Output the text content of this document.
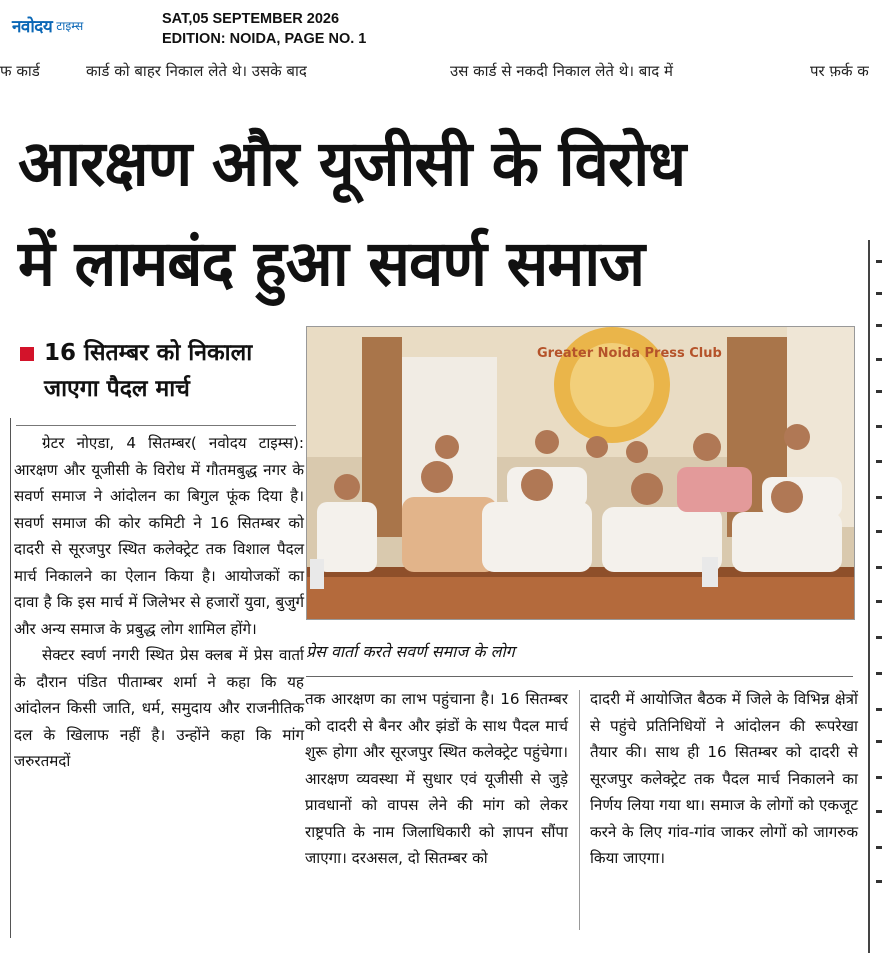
नवोदय टाइम्स	SAT,05 SEPTEMBER 2026
EDITION: NOIDA, PAGE NO. 1
फ कार्ड	कार्ड को बाहर निकाल लेते थे। उसके बाद	उस कार्ड से नकदी निकाल लेते थे। बाद में	पर फ़र्क क
आरक्षण और यूजीसी के विरोध
में लामबंद हुआ सवर्ण समाज
16 सितम्बर को निकाला
जाएगा पैदल मार्च

ग्रेटर नोएडा, 4 सितम्बर( नवोदय टाइम्स): आरक्षण और यूजीसी के विरोध में गौतमबुद्ध नगर के सवर्ण समाज ने आंदोलन का बिगुल फूंक दिया है। सवर्ण समाज की कोर कमिटी ने 16 सितम्बर को दादरी से सूरजपुर स्थित कलेक्ट्रेट तक विशाल पैदल मार्च निकालने का ऐलान किया है। आयोजकों का दावा है कि इस मार्च में जिलेभर से हजारों युवा, बुजुर्ग और अन्य समाज के प्रबुद्ध लोग शामिल होंगे।

सेक्टर स्वर्ण नगरी स्थित प्रेस क्लब में प्रेस वार्ता के दौरान पंडित पीताम्बर शर्मा ने कहा कि यह आंदोलन किसी जाति, धर्म, समुदाय और राजनीतिक दल के खिलाफ नहीं है। उन्होंने कहा कि मांग जरुरतमदों

Greater Noida Press Club
प्रेस वार्ता करते सवर्ण समाज के लोग

तक आरक्षण का लाभ पहुंचाना है। 16 सितम्बर को दादरी से बैनर और झंडों के साथ पैदल मार्च शुरू होगा और सूरजपुर स्थित कलेक्ट्रेट पहुंचेगा। आरक्षण व्यवस्था में सुधार एवं यूजीसी से जुड़े प्रावधानों को वापस लेने की मांग को लेकर राष्ट्रपति के नाम जिलाधिकारी को ज्ञापन सौंपा जाएगा। दरअसल, दो सितम्बर को

दादरी में आयोजित बैठक में जिले के विभिन्न क्षेत्रों से पहुंचे प्रतिनिधियों ने आंदोलन की रूपरेखा तैयार की। साथ ही 16 सितम्बर को दादरी से सूरजपुर कलेक्ट्रेट तक पैदल मार्च निकालने का निर्णय लिया गया था। समाज के लोगों को एकजूट करने के लिए गांव-गांव जाकर लोगों को जागरुक किया जाएगा।
